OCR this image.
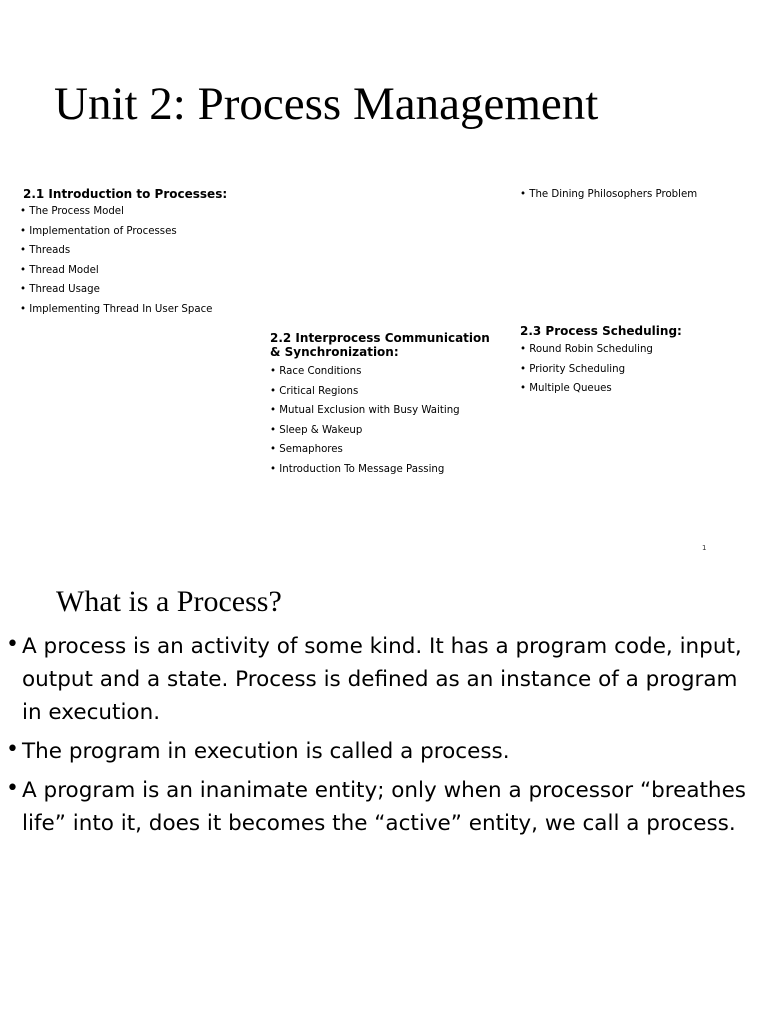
Unit 2: Process Management

2.1 Introduction to Processes:

• The Process Model
• Implementation of Processes
• Threads
• Thread Model
• Thread Usage
• Implementing Thread In User Space
• The Dining Philosophers Problem

2.2 Interprocess Communication & Synchronization:

• Race Conditions
• Critical Regions
• Mutual Exclusion with Busy Waiting
• Sleep & Wakeup
• Semaphores
• Introduction To Message Passing

2.3 Process Scheduling:

• Round Robin Scheduling
• Priority Scheduling
• Multiple Queues
1
What is a Process?
• A process is an activity of some kind. It has a program code, input, output and a state. Process is defined as an instance of a program in execution.
• The program in execution is called a process.
• A program is an inanimate entity; only when a processor “breathes life” into it, does it becomes the “active” entity, we call a process.
